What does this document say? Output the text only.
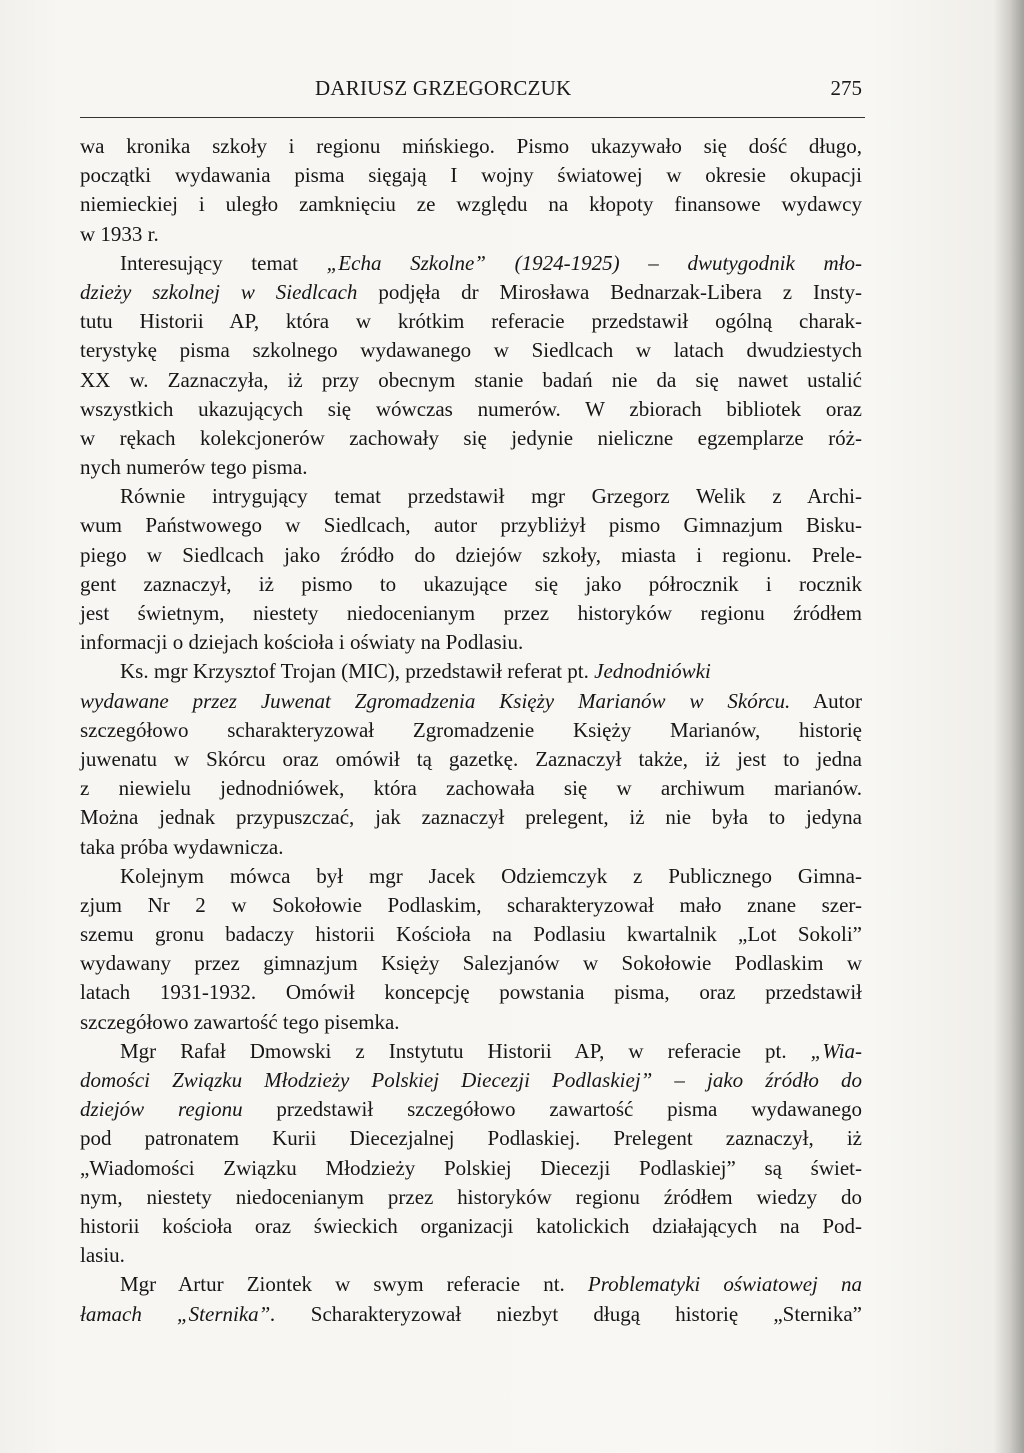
DARIUSZ GRZEGORCZUK	275
wa kronika szkoły i regionu mińskiego. Pismo ukazywało się dość długo,
początki wydawania pisma sięgają I wojny światowej w okresie okupacji
niemieckiej i uległo zamknięciu ze względu na kłopoty finansowe wydawcy
w 1933 r.
Interesujący temat „Echa Szkolne” (1924-1925) – dwutygodnik mło-
dzieży szkolnej w Siedlcach podjęła dr Mirosława Bednarzak-Libera z Insty-
tutu Historii AP, która w krótkim referacie przedstawił ogólną charak-
terystykę pisma szkolnego wydawanego w Siedlcach w latach dwudziestych
XX w. Zaznaczyła, iż przy obecnym stanie badań nie da się nawet ustalić
wszystkich ukazujących się wówczas numerów. W zbiorach bibliotek oraz
w rękach kolekcjonerów zachowały się jedynie nieliczne egzemplarze róż-
nych numerów tego pisma.
Równie intrygujący temat przedstawił mgr Grzegorz Welik z Archi-
wum Państwowego w Siedlcach, autor przybliżył pismo Gimnazjum Bisku-
piego w Siedlcach jako źródło do dziejów szkoły, miasta i regionu. Prele-
gent zaznaczył, iż pismo to ukazujące się jako półrocznik i rocznik
jest świetnym, niestety niedocenianym przez historyków regionu źródłem
informacji o dziejach kościoła i oświaty na Podlasiu.
Ks. mgr Krzysztof Trojan (MIC), przedstawił referat pt. Jednodniówki
wydawane przez Juwenat Zgromadzenia Księży Marianów w Skórcu. Autor
szczegółowo scharakteryzował Zgromadzenie Księży Marianów, historię
juwenatu w Skórcu oraz omówił tą gazetkę. Zaznaczył także, iż jest to jedna
z niewielu jednodniówek, która zachowała się w archiwum marianów.
Można jednak przypuszczać, jak zaznaczył prelegent, iż nie była to jedyna
taka próba wydawnicza.
Kolejnym mówca był mgr Jacek Odziemczyk z Publicznego Gimna-
zjum Nr 2 w Sokołowie Podlaskim, scharakteryzował mało znane szer-
szemu gronu badaczy historii Kościoła na Podlasiu kwartalnik „Lot Sokoli”
wydawany przez gimnazjum Księży Salezjanów w Sokołowie Podlaskim w
latach 1931-1932. Omówił koncepcję powstania pisma, oraz przedstawił
szczegółowo zawartość tego pisemka.
Mgr Rafał Dmowski z Instytutu Historii AP, w referacie pt. „Wia-
domości Związku Młodzieży Polskiej Diecezji Podlaskiej” – jako źródło do
dziejów regionu przedstawił szczegółowo zawartość pisma wydawanego
pod patronatem Kurii Diecezjalnej Podlaskiej. Prelegent zaznaczył, iż
„Wiadomości Związku Młodzieży Polskiej Diecezji Podlaskiej” są świet-
nym, niestety niedocenianym przez historyków regionu źródłem wiedzy do
historii kościoła oraz świeckich organizacji katolickich działających na Pod-
lasiu.
Mgr Artur Ziontek w swym referacie nt. Problematyki oświatowej na
łamach „Sternika”. Scharakteryzował niezbyt długą historię „Sternika”
